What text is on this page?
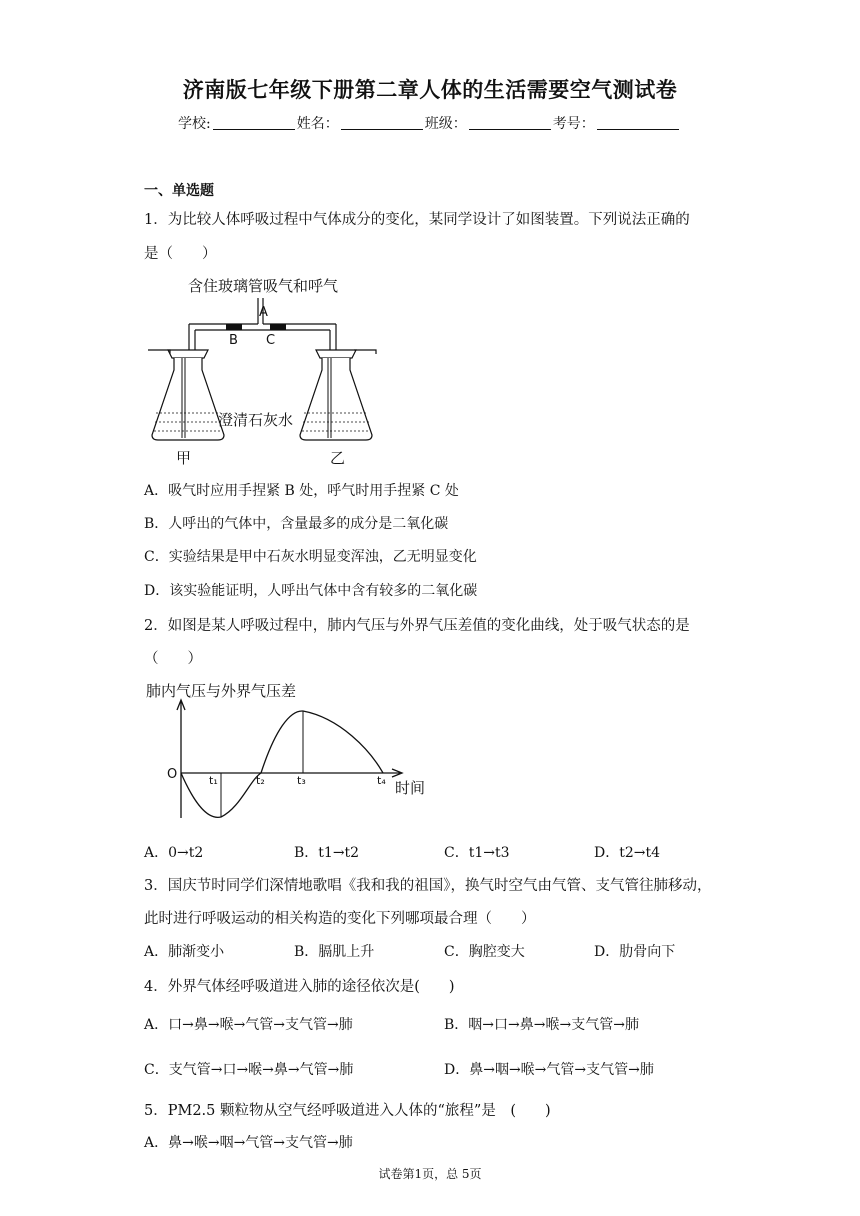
济南版七年级下册第二章人体的生活需要空气测试卷
学校:	姓名：	班级：	考号：
一、单选题
1．为比较人体呼吸过程中气体成分的变化，某同学设计了如图装置。下列说法正确的
是（　　）
含住玻璃管吸气和呼气
A
B C
甲
澄清石灰水
乙
A．吸气时应用手捏紧 B 处，呼气时用手捏紧 C 处
B．人呼出的气体中，含量最多的成分是二氧化碳
C．实验结果是甲中石灰水明显变浑浊，乙无明显变化
D．该实验能证明，人呼出气体中含有较多的二氧化碳
2．如图是某人呼吸过程中，肺内气压与外界气压差值的变化曲线，处于吸气状态的是
（　　）
肺内气压与外界气压差
O	t₁	t₂	t₃	t₄ 时间
A．0→t2	B．t1→t2	C．t1→t3	D．t2→t4
3．国庆节时同学们深情地歌唱《我和我的祖国》，换气时空气由气管、支气管往肺移动，
此时进行呼吸运动的相关构造的变化下列哪项最合理（　　）
A．肺渐变小	B．膈肌上升	C．胸腔变大	D．肋骨向下
4．外界气体经呼吸道进入肺的途径依次是(　　)
A．口→鼻→喉→气管→支气管→肺	B．咽→口→鼻→喉→支气管→肺
C．支气管→口→喉→鼻→气管→肺	D．鼻→咽→喉→气管→支气管→肺
5．PM2.5 颗粒物从空气经呼吸道进入人体的“旅程”是　(　　)
A．鼻→喉→咽→气管→支气管→肺
试卷第1页，总 5页
